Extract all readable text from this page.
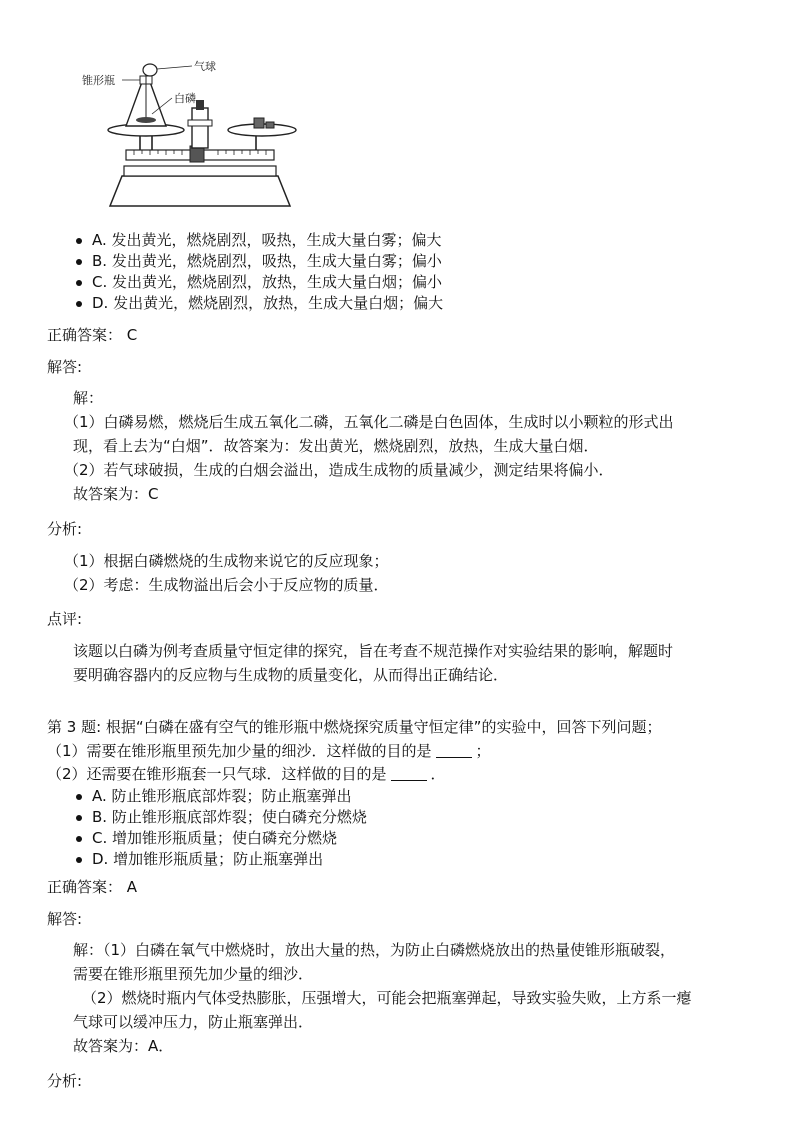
气球
锥形瓶
白磷
A. 发出黄光，燃烧剧烈，吸热，生成大量白雾；偏大
B. 发出黄光，燃烧剧烈，吸热，生成大量白雾；偏小
C. 发出黄光，燃烧剧烈，放热，生成大量白烟；偏小
D. 发出黄光，燃烧剧烈，放热，生成大量白烟；偏大
正确答案： C
解答:
解：
（1）白磷易燃，燃烧后生成五氧化二磷，五氧化二磷是白色固体，生成时以小颗粒的形式出
现，看上去为“白烟”．故答案为：发出黄光，燃烧剧烈，放热，生成大量白烟．
（2）若气球破损，生成的白烟会溢出，造成生成物的质量减少，测定结果将偏小．
故答案为：C
分析:
（1）根据白磷燃烧的生成物来说它的反应现象；
（2）考虑：生成物溢出后会小于反应物的质量．
点评:
该题以白磷为例考查质量守恒定律的探究，旨在考查不规范操作对实验结果的影响，解题时
要明确容器内的反应物与生成物的质量变化，从而得出正确结论．
第 3 题: 根据“白磷在盛有空气的锥形瓶中燃烧探究质量守恒定律”的实验中，回答下列问题；
（1）需要在锥形瓶里预先加少量的细沙．这样做的目的是	；
（2）还需要在锥形瓶套一只气球．这样做的目的是	．
A. 防止锥形瓶底部炸裂；防止瓶塞弹出
B. 防止锥形瓶底部炸裂；使白磷充分燃烧
C. 增加锥形瓶质量；使白磷充分燃烧
D. 增加锥形瓶质量；防止瓶塞弹出
正确答案： A
解答:
解：（1）白磷在氧气中燃烧时，放出大量的热，为防止白磷燃烧放出的热量使锥形瓶破裂，
需要在锥形瓶里预先加少量的细沙．
（2）燃烧时瓶内气体受热膨胀，压强增大，可能会把瓶塞弹起，导致实验失败，上方系一瘪
气球可以缓冲压力，防止瓶塞弹出．
故答案为：A．
分析:
